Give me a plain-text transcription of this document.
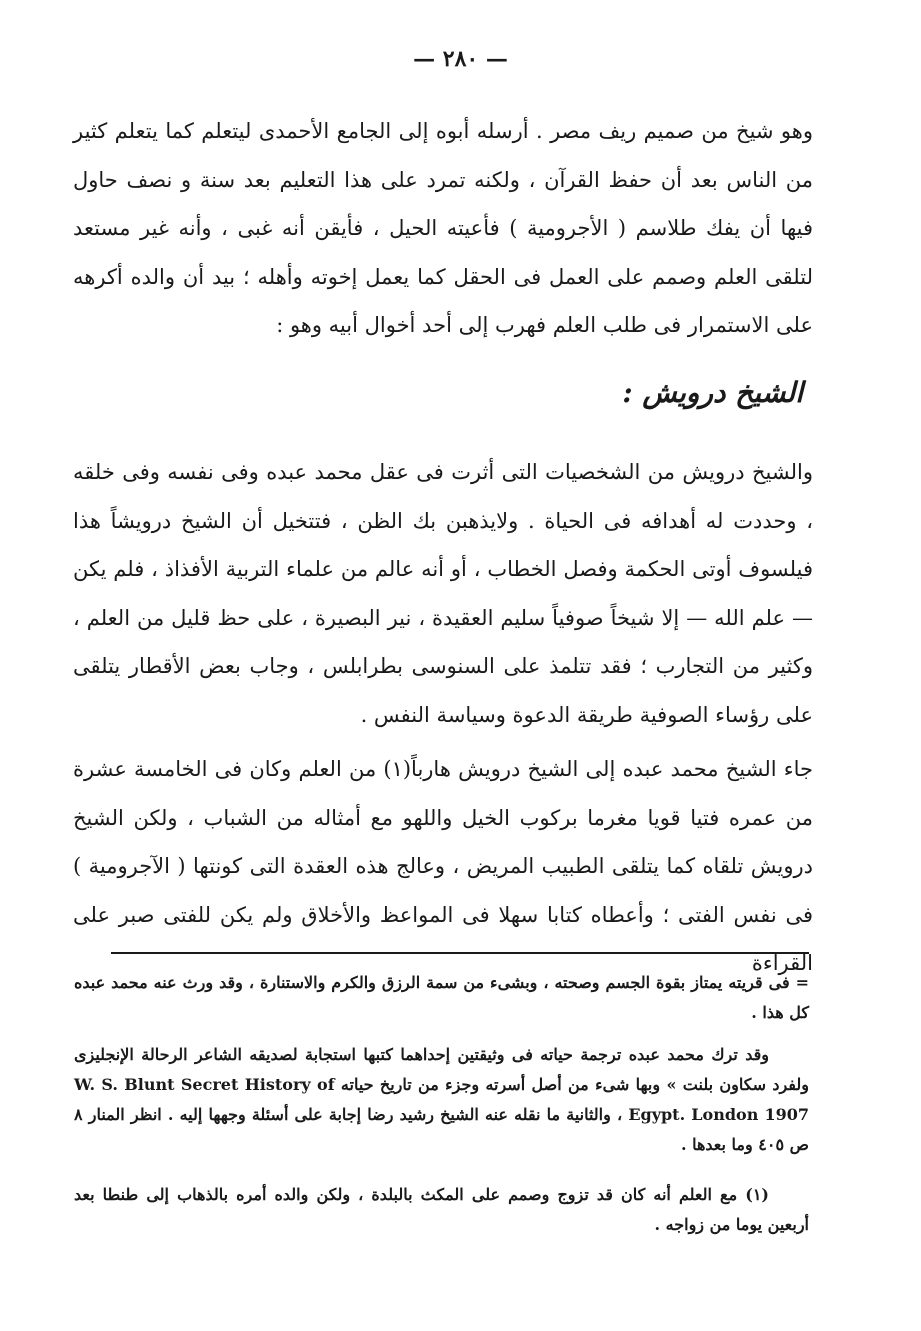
— ٢٨٠ —

وهو شيخ من صميم ريف مصر . أرسله أبوه إلى الجامع الأحمدى ليتعلم كما يتعلم كثير من الناس بعد أن حفظ القرآن ، ولكنه تمرد على هذا التعليم بعد سنة و نصف حاول فيها أن يفك طلاسم ( الأجرومية ) فأعيته الحيل ، فأيقن أنه غبى ، وأنه غير مستعد لتلقى العلم وصمم على العمل فى الحقل كما يعمل إخوته وأهله ؛ بيد أن والده أكرهه على الاستمرار فى طلب العلم فهرب إلى أحد أخوال أبيه وهو :

الشيخ درويش :

والشيخ درويش من الشخصيات التى أثرت فى عقل محمد عبده وفى نفسه وفى خلقه ، وحددت له أهدافه فى الحياة . ولايذهبن بك الظن ، فتتخيل أن الشيخ درويشاً هذا فيلسوف أوتى الحكمة وفصل الخطاب ، أو أنه عالم من علماء التربية الأفذاذ ، فلم يكن — علم الله — إلا شيخاً صوفياً سليم العقيدة ، نير البصيرة ، على حظ قليل من العلم ، وكثير من التجارب ؛ فقد تتلمذ على السنوسى بطرابلس ، وجاب بعض الأقطار يتلقى على رؤساء الصوفية طريقة الدعوة وسياسة النفس .

جاء الشيخ محمد عبده إلى الشيخ درويش هارباً(١) من العلم وكان فى الخامسة عشرة من عمره فتيا قويا مغرما بركوب الخيل واللهو مع أمثاله من الشباب ، ولكن الشيخ درويش تلقاه كما يتلقى الطبيب المريض ، وعالج هذه العقدة التى كونتها ( الآجرومية ) فى نفس الفتى ؛ وأعطاه كتابا سهلا فى المواعظ والأخلاق ولم يكن للفتى صبر على القراءة

= فى قريته يمتاز بقوة الجسم وصحته ، وبشىء من سمة الرزق والكرم والاستنارة ، وقد ورث عنه محمد عبده كل هذا .

وقد ترك محمد عبده ترجمة حياته فى وثيقتين إحداهما كتبها استجابة لصديقه الشاعر الرحالة الإنجليزى ولفرد سكاون بلنت » وبها شىء من أصل أسرته وجزء من تاريخ حياته W. S. Blunt Secret History of Egypt. London 1907 ، والثانية ما نقله عنه الشيخ رشيد رضا إجابة على أسئلة وجهها إليه . انظر المنار ٨ ص ٤٠٥ وما بعدها .

(١) مع العلم أنه كان قد تزوج وصمم على المكث بالبلدة ، ولكن والده أمره بالذهاب إلى طنطا بعد أربعين يوما من زواجه .
